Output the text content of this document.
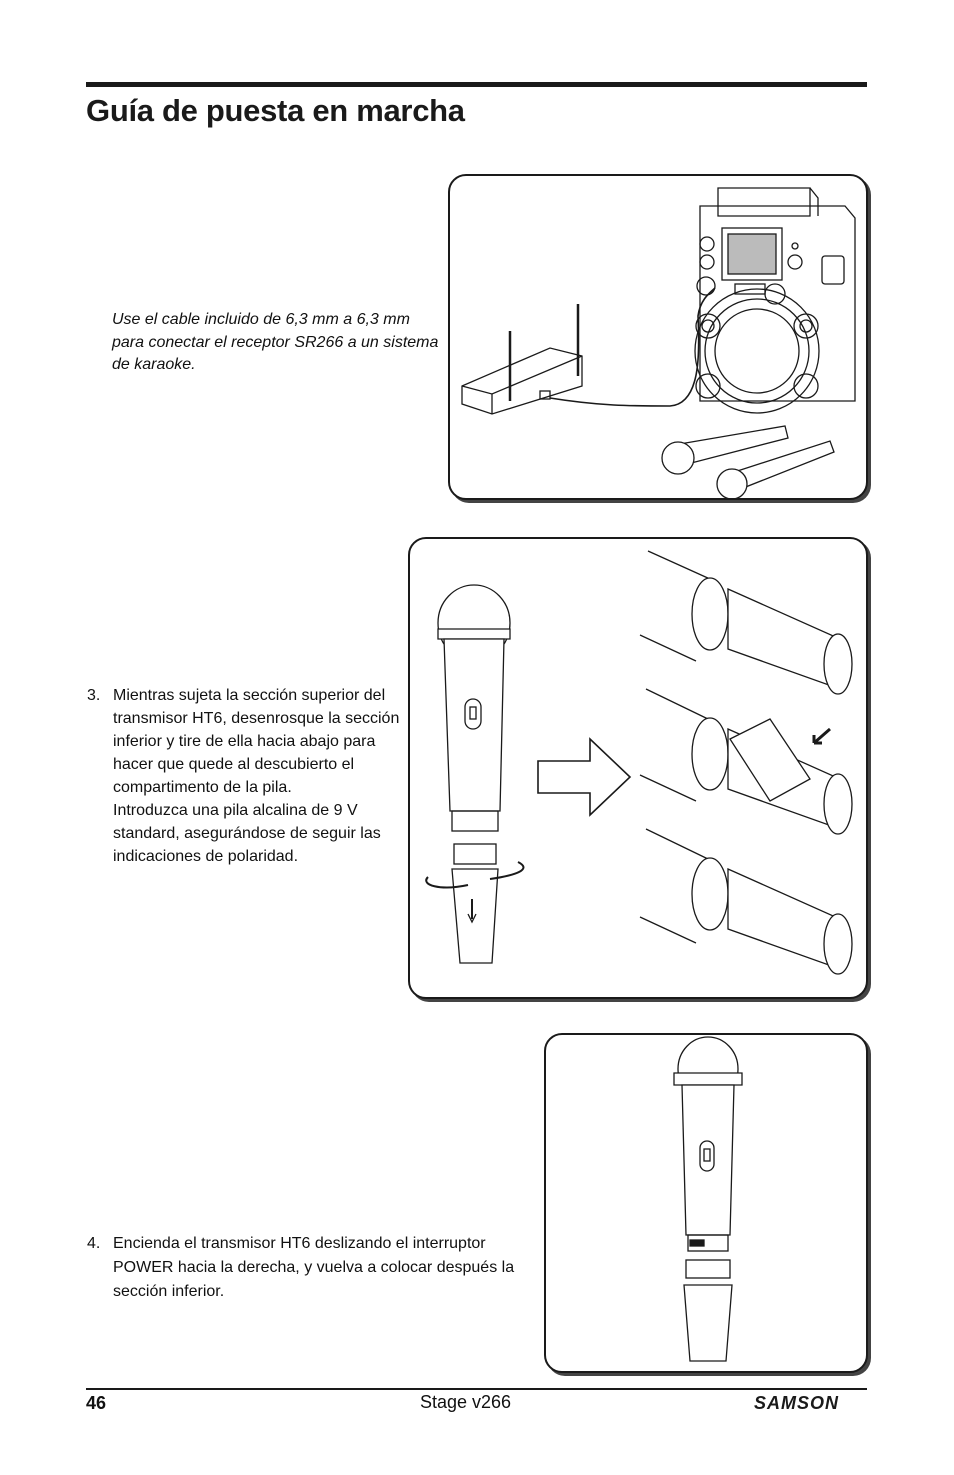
Guía de puesta en marcha

Use el cable incluido de 6,3 mm a 6,3 mm para conectar el receptor SR266 a un sistema de karaoke.

3. Mientras sujeta la sección superior del transmisor HT6, desenrosque la sección inferior y tire de ella hacia abajo para hacer que quede al descubierto el compartimento de la pila.
Introduzca una pila alcalina de 9 V standard, asegurándose de seguir las indicaciones de polaridad.

4. Encienda el transmisor HT6 deslizando el interruptor POWER hacia la derecha, y vuelva a colocar después la sección inferior.

46	Stage v266	SAMSON
